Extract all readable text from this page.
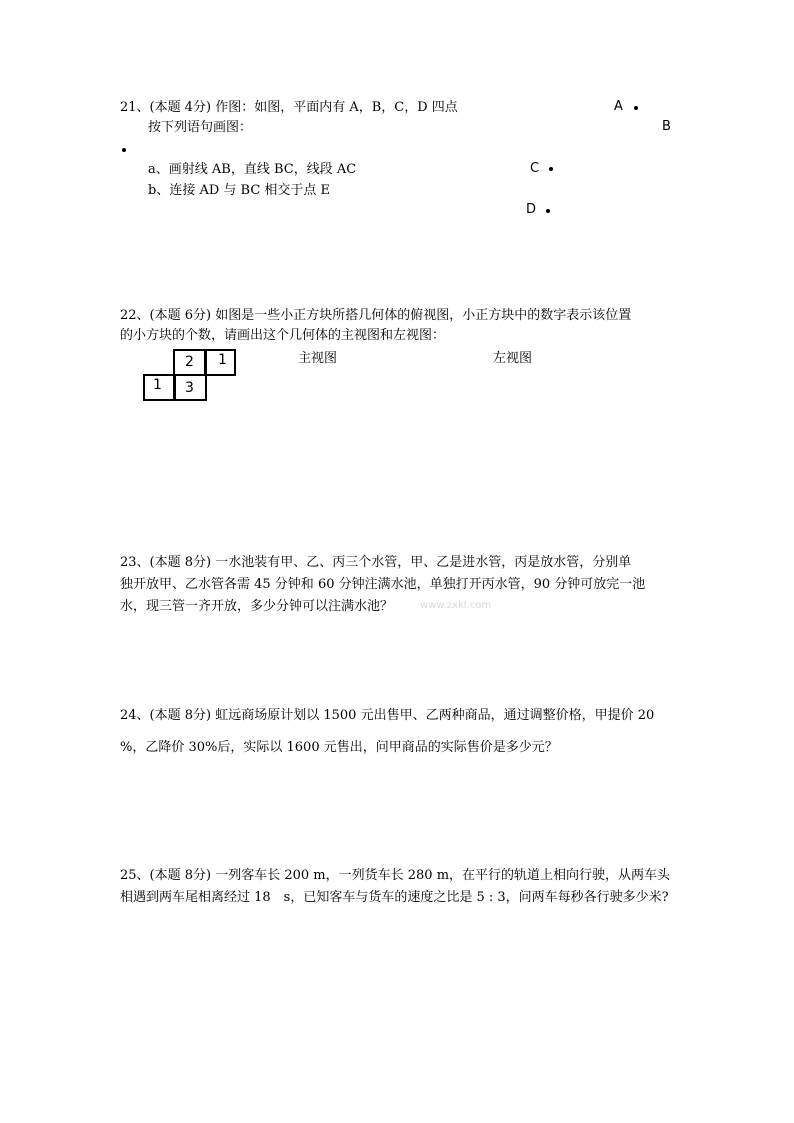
21、(本题 4分) 作图：如图，平面内有 A，B，C，D 四点
按下列语句画图：
a、画射线 AB，直线 BC，线段 AC
b、连接 AD 与 BC 相交于点 E
A
B
C
D
22、(本题 6分) 如图是一些小正方块所搭几何体的俯视图，小正方块中的数字表示该位置
的小方块的个数，请画出这个几何体的主视图和左视图：
2 1
1 3
主视图	左视图
23、(本题 8分) 一水池装有甲、乙、丙三个水管，甲、乙是进水管，丙是放水管，分别单
独开放甲、乙水管各需 45 分钟和 60 分钟注满水池，单独打开丙水管，90 分钟可放完一池
水，现三管一齐开放，多少分钟可以注满水池？	www.zxkl.com
24、(本题 8分) 虹远商场原计划以 1500 元出售甲、乙两种商品，通过调整价格，甲提价 20
%，乙降价 30%后，实际以 1600 元售出，问甲商品的实际售价是多少元？
25、(本题 8分) 一列客车长 200 m，一列货车长 280 m，在平行的轨道上相向行驶，从两车头
相遇到两车尾相离经过 18　s，已知客车与货车的速度之比是 5 : 3，问两车每秒各行驶多少米?
